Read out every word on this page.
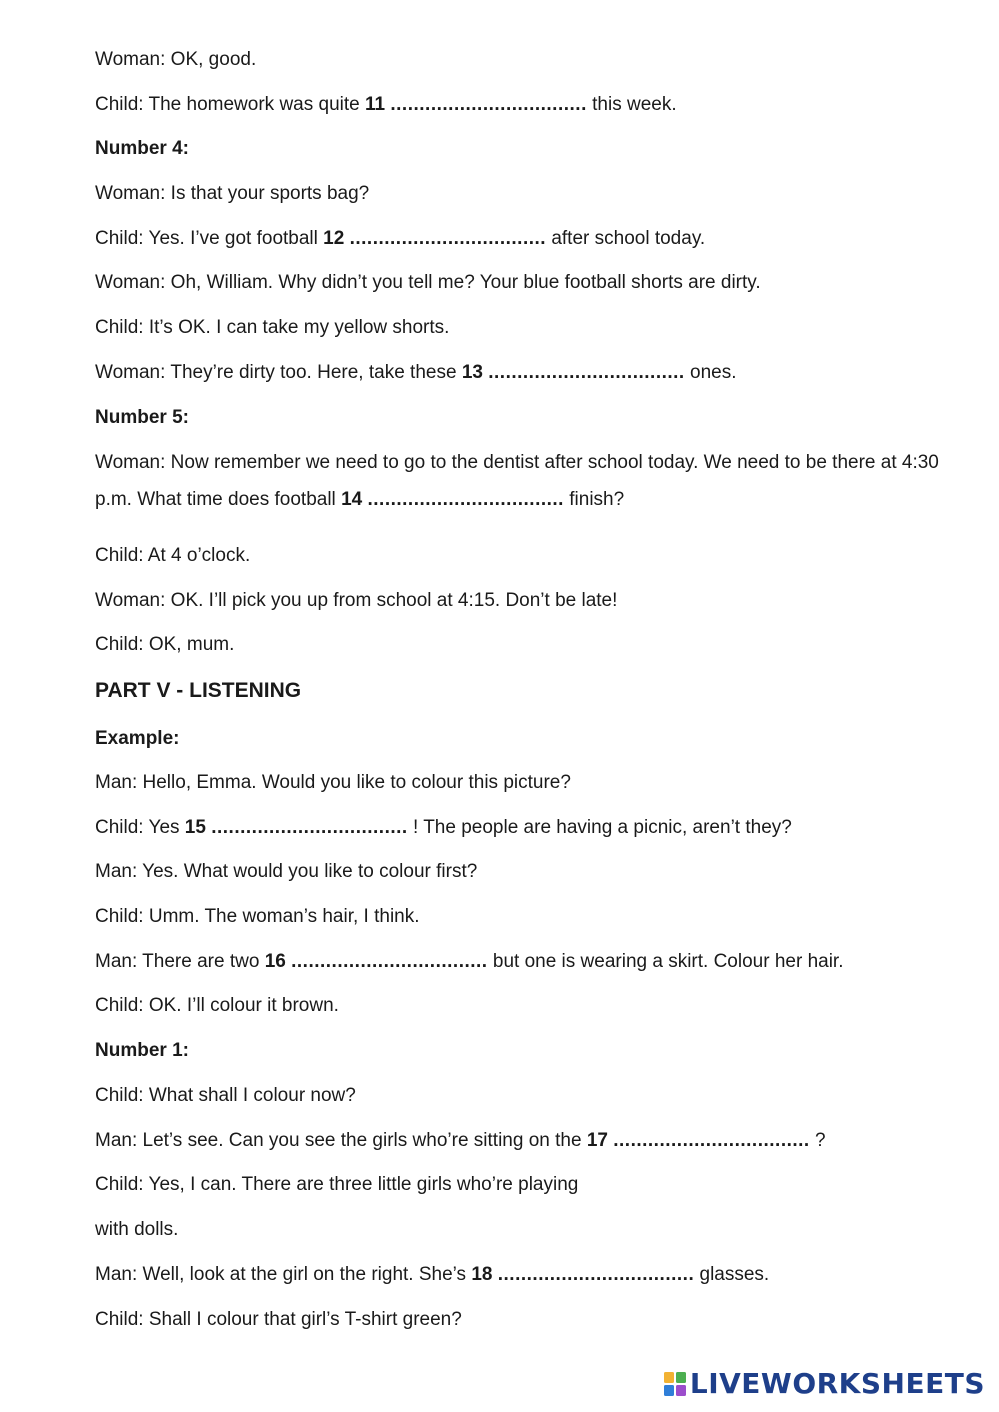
Woman: OK, good.
Child: The homework was quite 11 .................................. this week.
Number 4:
Woman: Is that your sports bag?
Child: Yes. I’ve got football 12 .................................. after school today.
Woman: Oh, William. Why didn’t you tell me? Your blue football shorts are dirty.
Child: It’s OK. I can take my yellow shorts.
Woman: They’re dirty too. Here, take these 13 .................................. ones.
Number 5:
Woman: Now remember we need to go to the dentist after school today. We need to be there at 4:30 p.m. What time does football 14 .................................. finish?
Child: At 4 o’clock.
Woman: OK. I’ll pick you up from school at 4:15. Don’t be late!
Child: OK, mum.
PART V - LISTENING
Example:
Man: Hello, Emma. Would you like to colour this picture?
Child: Yes 15 .................................. ! The people are having a picnic, aren’t they?
Man: Yes. What would you like to colour first?
Child: Umm. The woman’s hair, I think.
Man: There are two 16 .................................. but one is wearing a skirt. Colour her hair.
Child: OK. I’ll colour it brown.
Number 1:
Child: What shall I colour now?
Man: Let’s see. Can you see the girls who’re sitting on the 17 .................................. ?
Child: Yes, I can. There are three little girls who’re playing
with dolls.
Man: Well, look at the girl on the right. She’s 18 .................................. glasses.
Child: Shall I colour that girl’s T-shirt green?
LIVEWORKSHEETS
